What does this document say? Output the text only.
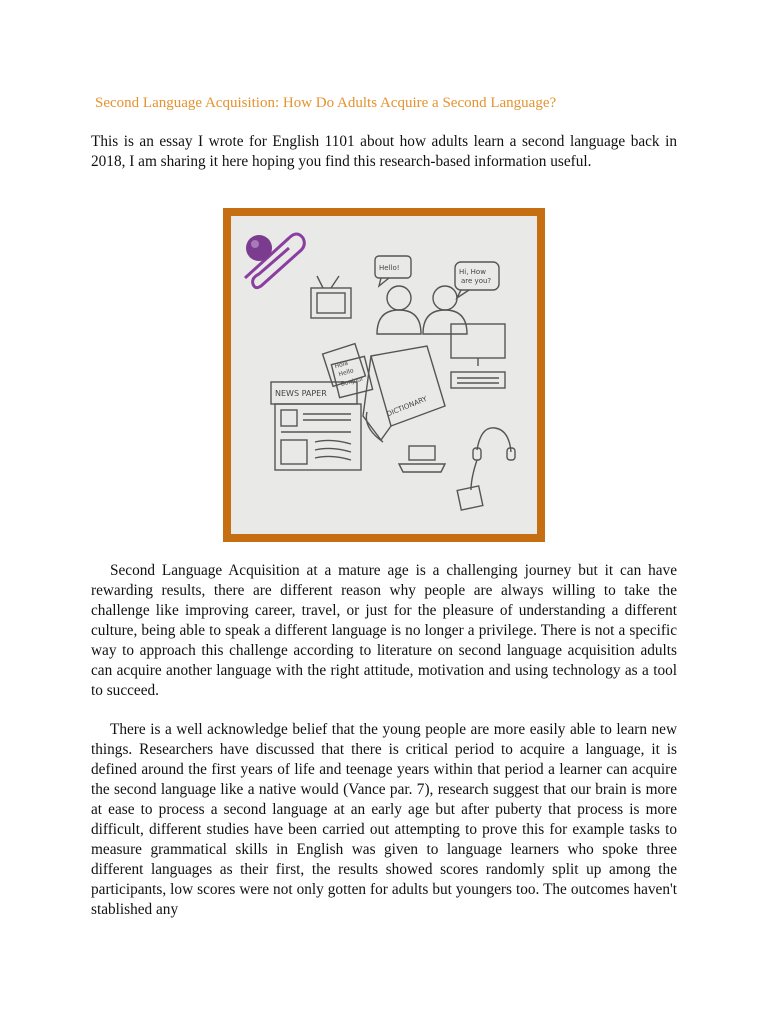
Second Language Acquisition: How Do Adults Acquire a Second Language?

This is an essay I wrote for English 1101 about how adults learn a second language back in 2018, I am sharing it here hoping you find this research-based information useful.

Hello!	Hi, How
are you?
NEWS PAPER
DICTIONARY
Hola
Hello
Bonjour

Second Language Acquisition at a mature age is a challenging journey but it can have rewarding results, there are different reason why people are always willing to take the challenge like improving career, travel, or just for the pleasure of understanding a different culture, being able to speak a different language is no longer a privilege. There is not a specific way to approach this challenge according to literature on second language acquisition adults can acquire another language with the right attitude, motivation and using technology as a tool to succeed.

There is a well acknowledge belief that the young people are more easily able to learn new things. Researchers have discussed that there is critical period to acquire a language, it is defined around the first years of life and teenage years within that period a learner can acquire the second language like a native would (Vance par. 7), research suggest that our brain is more at ease to process a second language at an early age but after puberty that process is more difficult, different studies have been carried out attempting to prove this for example tasks to measure grammatical skills in English was given to language learners who spoke three different languages as their first, the results showed scores randomly split up among the participants, low scores were not only gotten for adults but youngers too. The outcomes haven't stablished any
